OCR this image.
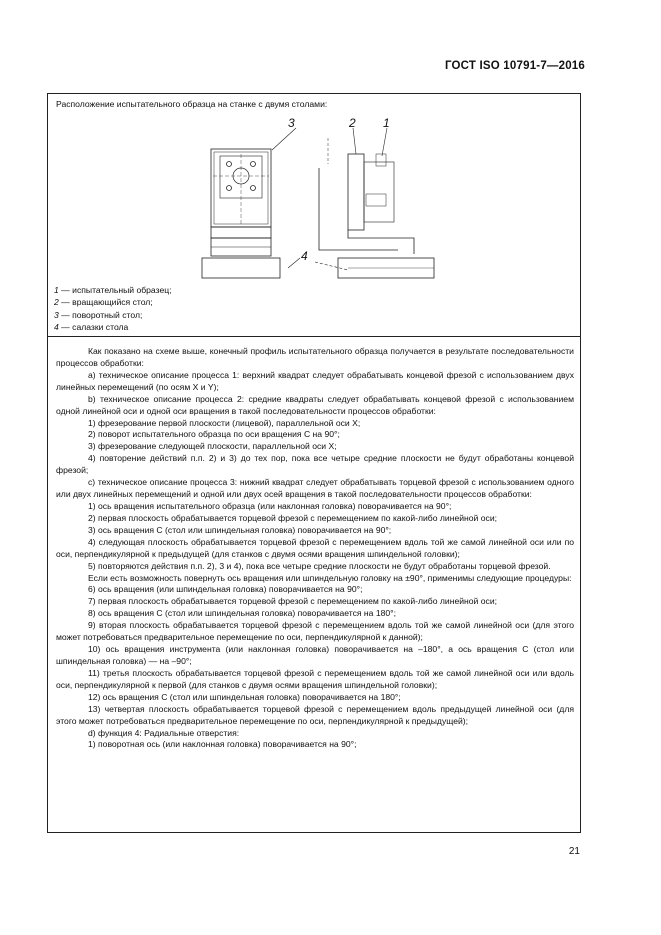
ГОСТ ISO 10791-7—2016
Расположение испытательного образца на станке с двумя столами:
3	2 1
4
1 — испытательный образец;
2 — вращающийся стол;
3 — поворотный стол;
4 — салазки стола

Как показано на схеме выше, конечный профиль испытательного образца получается в результате последовательности процессов обработки:

а) техническое описание процесса 1: верхний квадрат следует обрабатывать концевой фрезой с использованием двух линейных перемещений (по осям X и Y);

b) техническое описание процесса 2: средние квадраты следует обрабатывать концевой фрезой с использованием одной линейной оси и одной оси вращения в такой последовательности процессов обработки:

1) фрезерование первой плоскости (лицевой), параллельной оси X;

2) поворот испытательного образца по оси вращения C на 90°;

3) фрезерование следующей плоскости, параллельной оси X;

4) повторение действий п.п. 2) и 3) до тех пор, пока все четыре средние плоскости не будут обработаны концевой фрезой;

c) техническое описание процесса 3: нижний квадрат следует обрабатывать торцевой фрезой с использованием одного или двух линейных перемещений и одной или двух осей вращения в такой последовательности процессов обработки:

1) ось вращения испытательного образца (или наклонная головка) поворачивается на 90°;

2) первая плоскость обрабатывается торцевой фрезой с перемещением по какой-либо линейной оси;

3) ось вращения C (стол или шпиндельная головка) поворачивается на 90°;

4) следующая плоскость обрабатывается торцевой фрезой с перемещением вдоль той же самой линейной оси или по оси, перпендикулярной к предыдущей (для станков с двумя осями вращения шпиндельной головки);

5) повторяются действия п.п. 2), 3 и 4), пока все четыре средние плоскости не будут обработаны торцевой фрезой.

Если есть возможность повернуть ось вращения или шпиндельную головку на ±90°, применимы следующие процедуры:

6) ось вращения (или шпиндельная головка) поворачивается на 90°;

7) первая плоскость обрабатывается торцевой фрезой с перемещением по какой-либо линейной оси;

8) ось вращения C (стол или шпиндельная головка) поворачивается на 180°;

9) вторая плоскость обрабатывается торцевой фрезой с перемещением вдоль той же самой линейной оси (для этого может потребоваться предварительное перемещение по оси, перпендикулярной к данной);

10) ось вращения инструмента (или наклонная головка) поворачивается на –180°, а ось вращения C (стол или шпиндельная головка) — на –90°;

11) третья плоскость обрабатывается торцевой фрезой с перемещением вдоль той же самой линейной оси или вдоль оси, перпендикулярной к первой (для станков с двумя осями вращения шпиндельной головки);

12) ось вращения C (стол или шпиндельная головка) поворачивается на 180°;

13) четвертая плоскость обрабатывается торцевой фрезой с перемещением вдоль предыдущей линейной оси (для этого может потребоваться предварительное перемещение по оси, перпендикулярной к предыдущей);

d) функция 4: Радиальные отверстия:

1) поворотная ось (или наклонная головка) поворачивается на 90°;

21
